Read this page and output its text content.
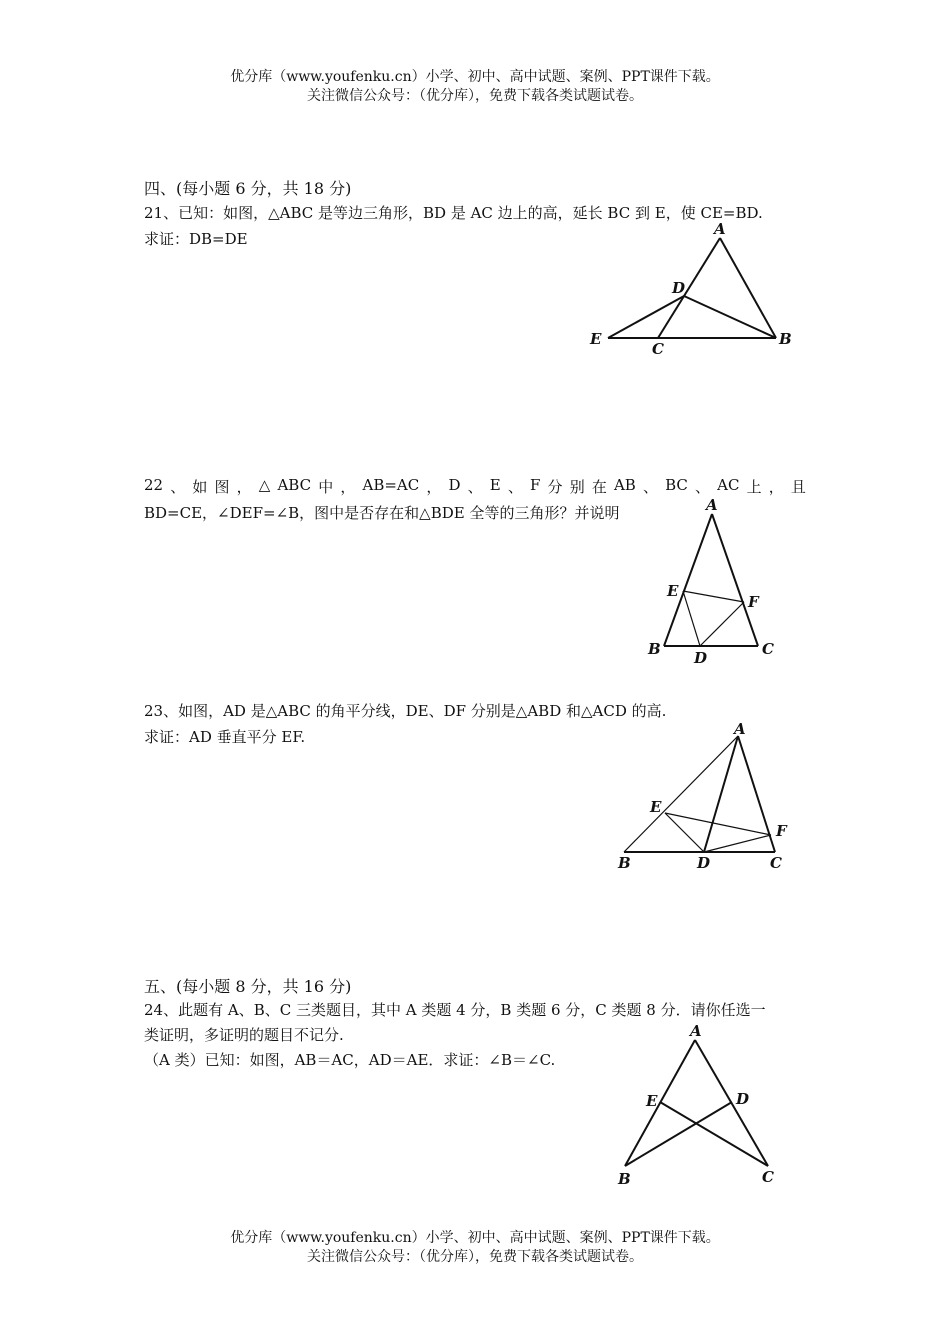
优分库（www.youfenku.cn）小学、初中、高中试题、案例、PPT课件下载。
关注微信公众号：（优分库），免费下载各类试题试卷。
四、(每小题 6 分，共 18 分)
21、已知：如图，△ABC 是等边三角形，BD 是 AC 边上的高，延长 BC 到 E，使 CE=BD.
求证：DB=DE
A
D
E
C
B
22 、 如 图 ， △ ABC 中 ， AB=AC ， D 、 E 、 F 分 别 在 AB 、 BC 、 AC 上 ， 且
BD=CE，∠DEF=∠B，图中是否存在和△BDE 全等的三角形？并说明	A
E
F
B D	C
23、如图，AD 是△ABC 的角平分线，DE、DF 分别是△ABD 和△ACD 的高.
求证：AD 垂直平分 EF.	A
E
F
B	D	C
五、(每小题 8 分，共 16 分)
24、此题有 A、B、C 三类题目，其中 A 类题 4 分，B 类题 6 分，C 类题 8 分．请你任选一
类证明，多证明的题目不记分.
（A 类）已知：如图，AB＝AC，AD＝AE．求证：∠B＝∠C.
A
E	D
B	C
优分库（www.youfenku.cn）小学、初中、高中试题、案例、PPT课件下载。
关注微信公众号：（优分库），免费下载各类试题试卷。
